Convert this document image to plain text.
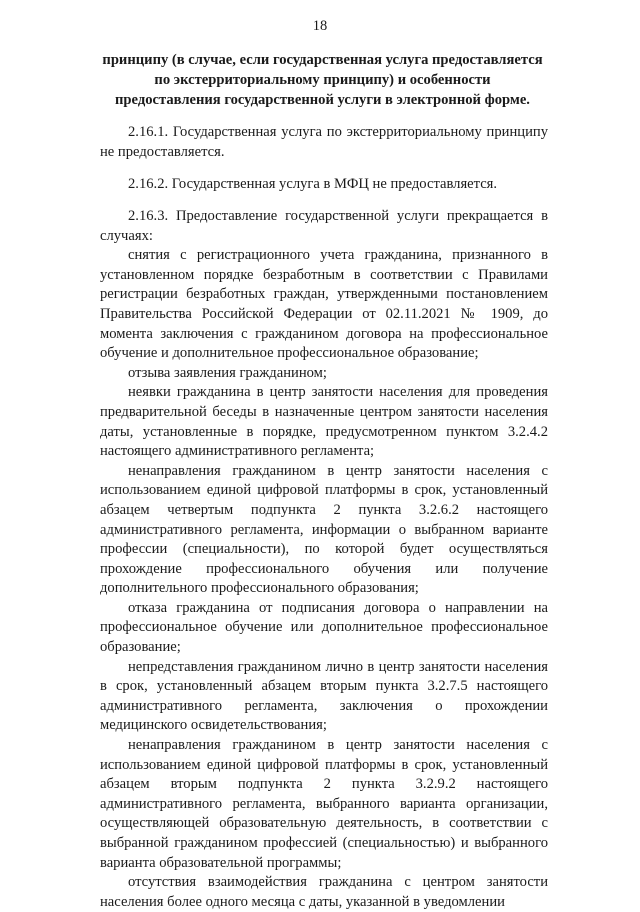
18
принципу (в случае, если государственная услуга предоставляется
по экстерриториальному принципу) и особенности
предоставления государственной услуги в электронной форме.

2.16.1. Государственная услуга по экстерриториальному принципу не предоставляется.

2.16.2. Государственная услуга в МФЦ не предоставляется.

2.16.3. Предоставление государственной услуги прекращается в случаях:

снятия с регистрационного учета гражданина, признанного в установленном порядке безработным в соответствии с Правилами регистрации безработных граждан, утвержденными постановлением Правительства Российской Федерации от 02.11.2021 № 1909, до момента заключения с гражданином договора на профессиональное обучение и дополнительное профессиональное образование;

отзыва заявления гражданином;

неявки гражданина в центр занятости населения для проведения предварительной беседы в назначенные центром занятости населения даты, установленные в порядке, предусмотренном пунктом 3.2.4.2 настоящего административного регламента;

ненаправления гражданином в центр занятости населения с использованием единой цифровой платформы в срок, установленный абзацем четвертым подпункта 2 пункта 3.2.6.2 настоящего административного регламента, информации о выбранном варианте профессии (специальности), по которой будет осуществляться прохождение профессионального обучения или получение дополнительного профессионального образования;

отказа гражданина от подписания договора о направлении на профессиональное обучение или дополнительное профессиональное образование;

непредставления гражданином лично в центр занятости населения в срок, установленный абзацем вторым пункта 3.2.7.5 настоящего административного регламента, заключения о прохождении медицинского освидетельствования;

ненаправления гражданином в центр занятости населения с использованием единой цифровой платформы в срок, установленный абзацем вторым подпункта 2 пункта 3.2.9.2 настоящего административного регламента, выбранного варианта организации, осуществляющей образовательную деятельность, в соответствии с выбранной гражданином профессией (специальностью) и выбранного варианта образовательной программы;

отсутствия взаимодействия гражданина с центром занятости населения более одного месяца с даты, указанной в уведомлении
